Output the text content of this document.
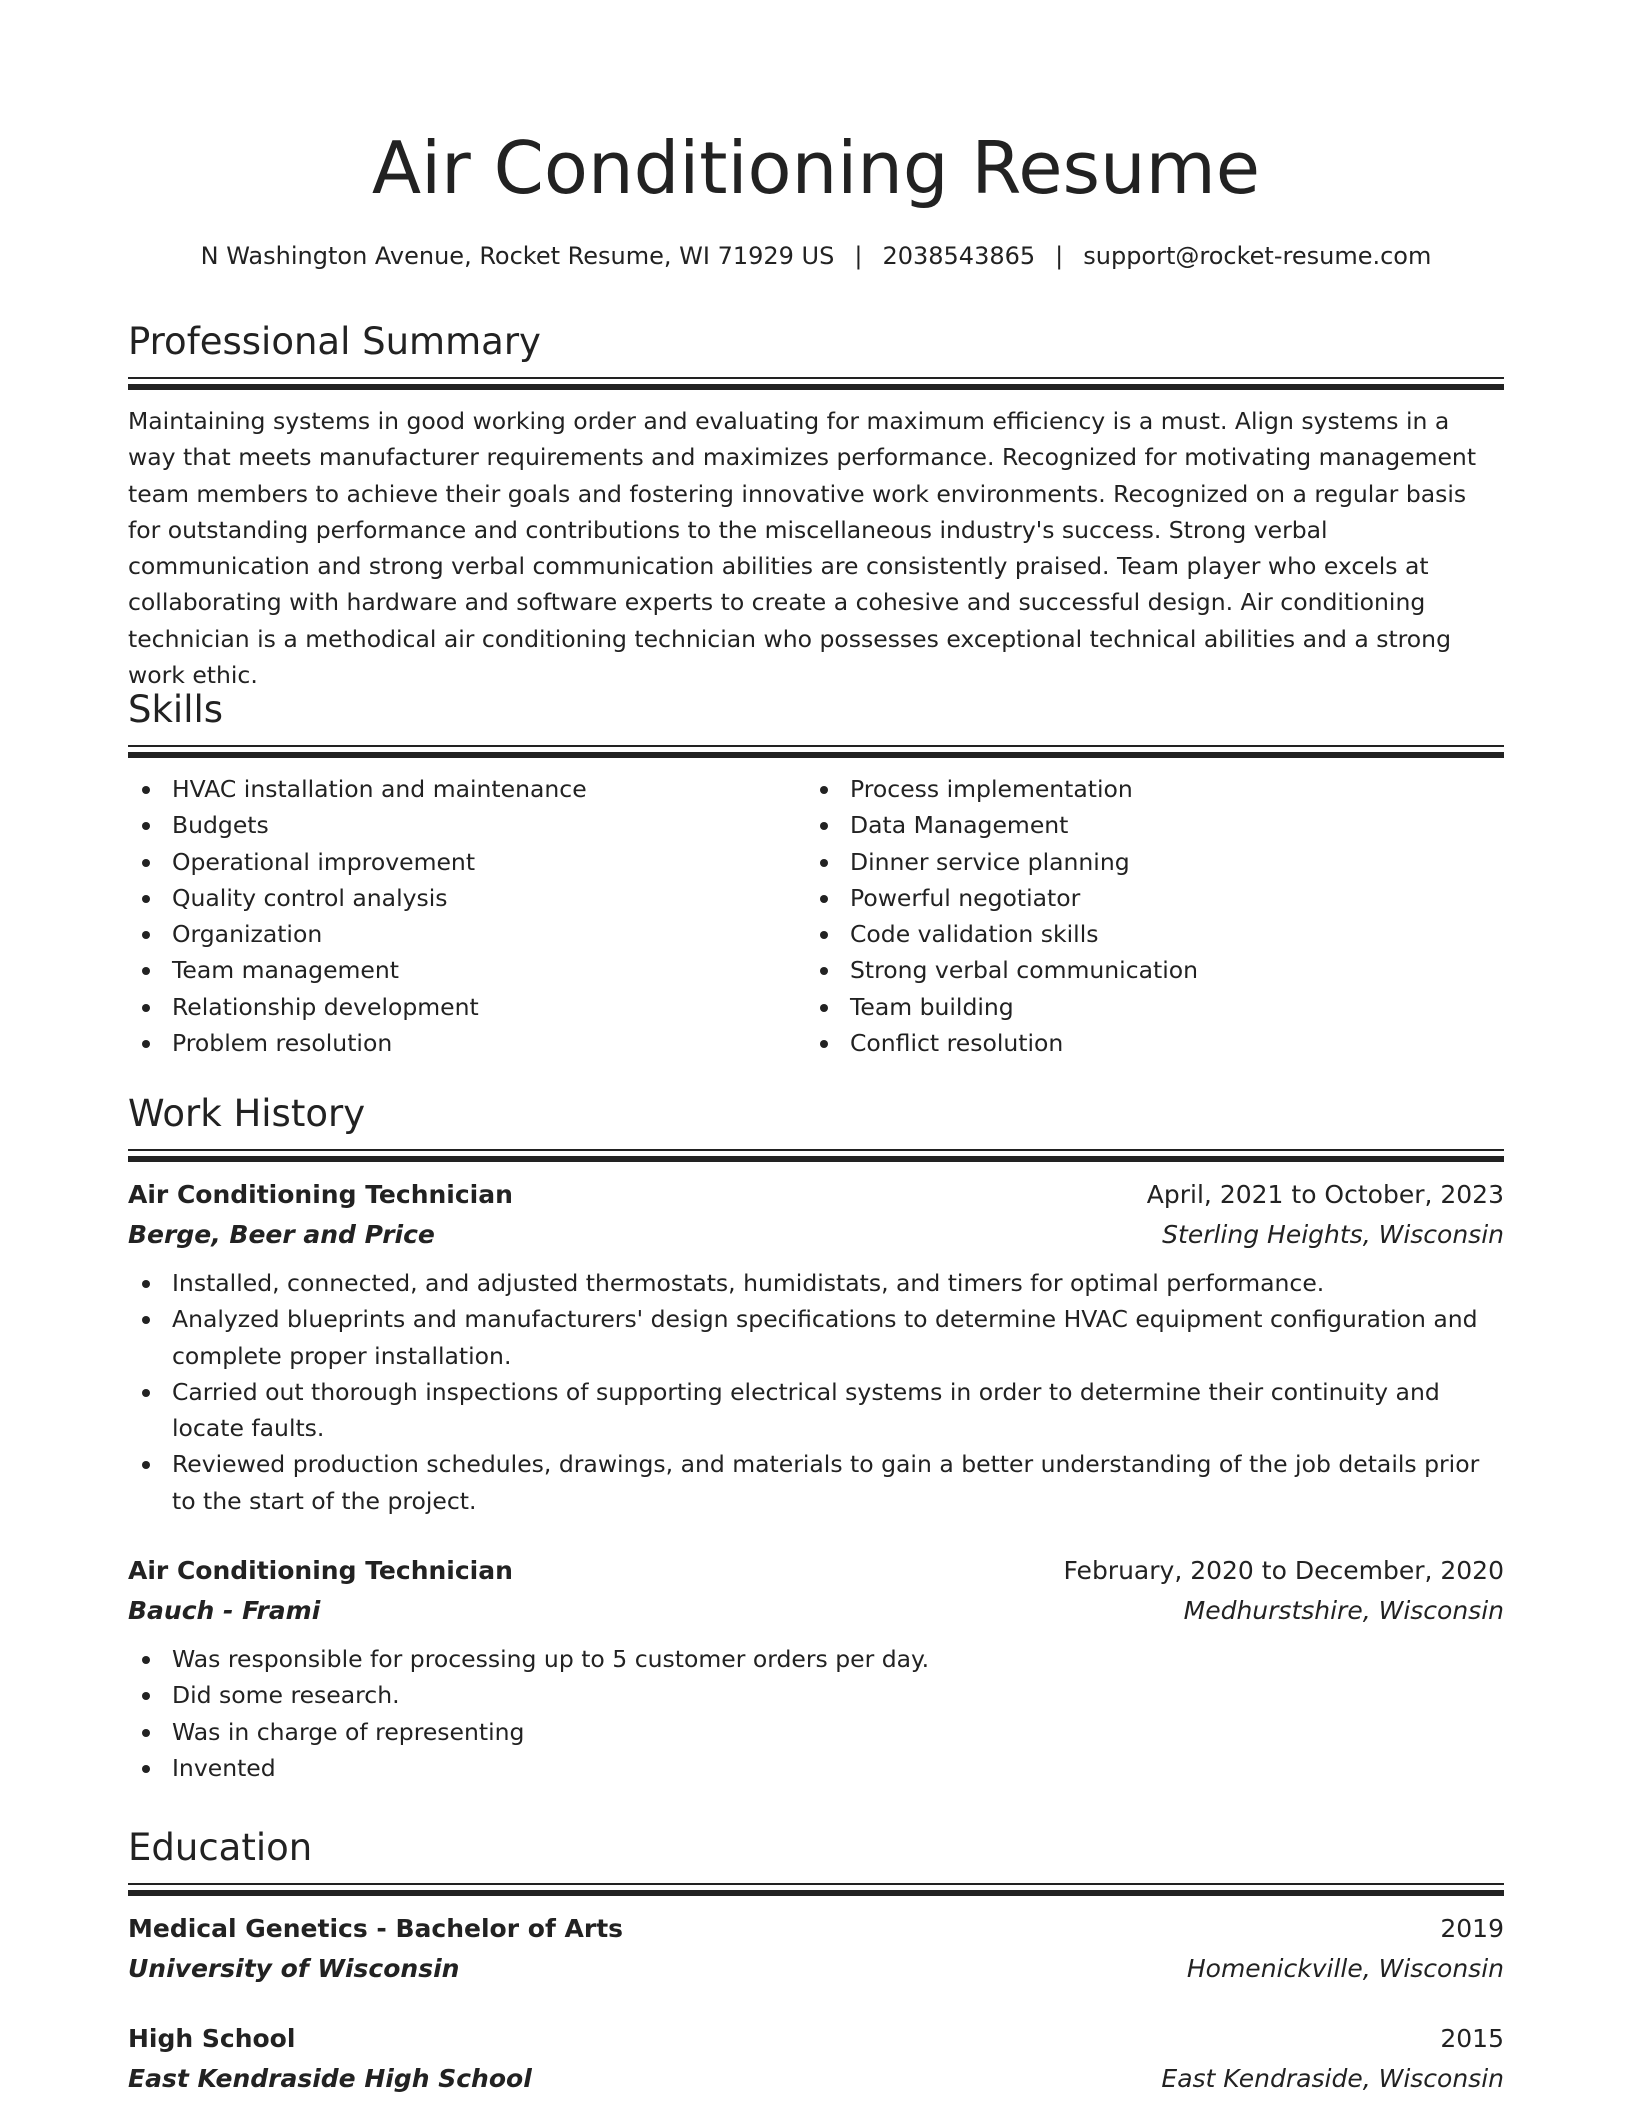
Air Conditioning Resume
N Washington Avenue, Rocket Resume, WI 71929 US | 2038543865 | support@rocket-resume.com
Professional Summary

Maintaining systems in good working order and evaluating for maximum efficiency is a must. Align systems in a way that meets manufacturer requirements and maximizes performance. Recognized for motivating management team members to achieve their goals and fostering innovative work environments. Recognized on a regular basis for outstanding performance and contributions to the miscellaneous industry's success. Strong verbal communication and strong verbal communication abilities are consistently praised. Team player who excels at collaborating with hardware and software experts to create a cohesive and successful design. Air conditioning technician is a methodical air conditioning technician who possesses exceptional technical abilities and a strong work ethic.

Skills
HVAC installation and maintenance
Budgets
Operational improvement
Quality control analysis
Organization
Team management
Relationship development
Problem resolution
Process implementation
Data Management
Dinner service planning
Powerful negotiator
Code validation skills
Strong verbal communication
Team building
Conflict resolution
Work History
Air Conditioning Technician	April, 2021 to October, 2023
Berge, Beer and Price	Sterling Heights, Wisconsin
Installed, connected, and adjusted thermostats, humidistats, and timers for optimal performance.
Analyzed blueprints and manufacturers' design specifications to determine HVAC equipment configuration and complete proper installation.
Carried out thorough inspections of supporting electrical systems in order to determine their continuity and locate faults.
Reviewed production schedules, drawings, and materials to gain a better understanding of the job details prior to the start of the project.
Air Conditioning Technician	February, 2020 to December, 2020
Bauch - Frami	Medhurstshire, Wisconsin
Was responsible for processing up to 5 customer orders per day.
Did some research.
Was in charge of representing
Invented
Education
Medical Genetics - Bachelor of Arts	2019
University of Wisconsin	Homenickville, Wisconsin
High School	2015
East Kendraside High School	East Kendraside, Wisconsin
